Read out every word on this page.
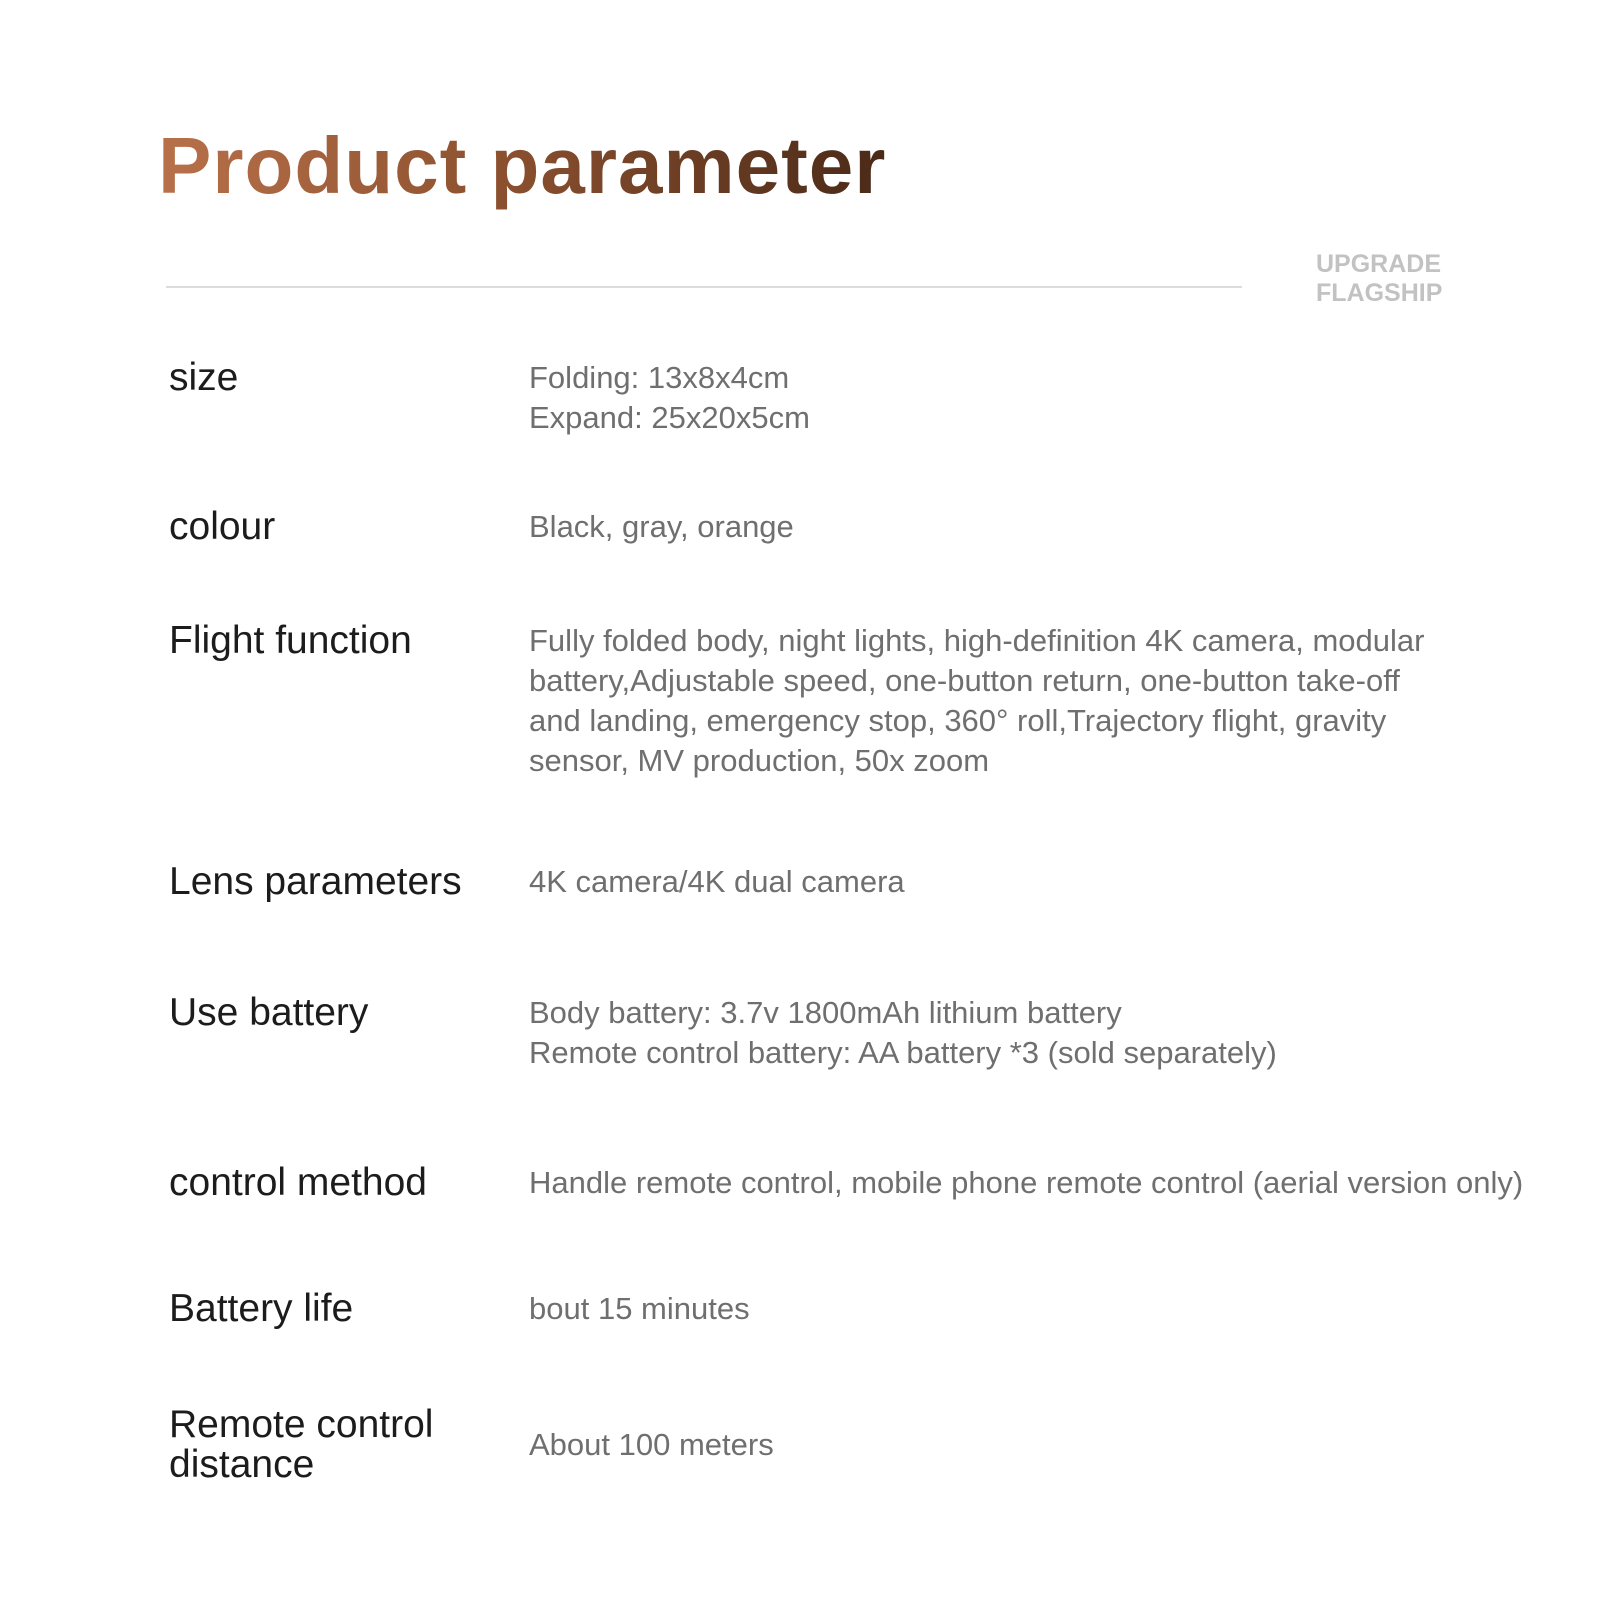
Product parameter
UPGRADE
FLAGSHIP
size	Folding: 13x8x4cm
Expand: 25x20x5cm
colour	Black, gray, orange
Flight function	Fully folded body, night lights, high-definition 4K camera, modular
battery,Adjustable speed, one-button return, one-button take-off
and landing, emergency stop, 360° roll,Trajectory flight, gravity
sensor, MV production, 50x zoom
Lens parameters	4K camera/4K dual camera
Use battery	Body battery: 3.7v 1800mAh lithium battery
Remote control battery: AA battery *3 (sold separately)
control method	Handle remote control, mobile phone remote control (aerial version only)
Battery life	bout 15 minutes
Remote control
distance	About 100 meters
